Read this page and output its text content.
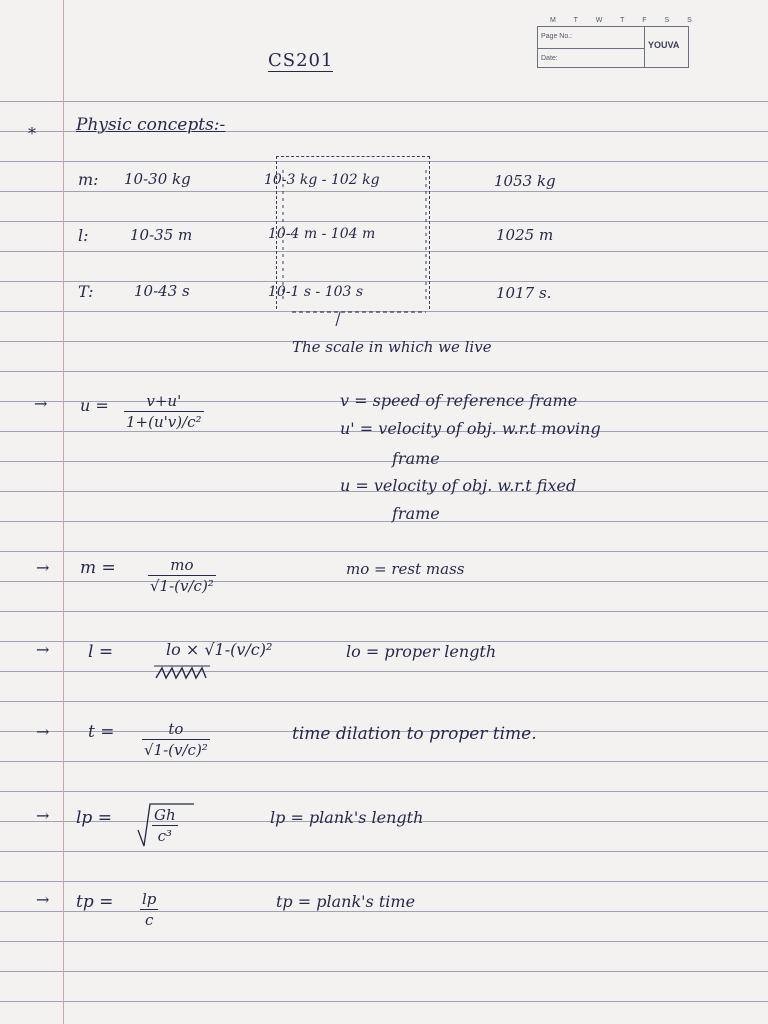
M T W T F S S
Page No.:
Date:
YOUVA
CS201
* Physic concepts:-
m: 10-30 kg	10-3 kg - 102 kg	1053 kg
l:	10-35 m	10-4 m - 104 m	1025 m
T:	10-43 s	10-1 s - 103 s	1017 s.
The scale in which we live
→ u =	v+u'
1+(u'v)/c²
v = speed of reference frame
u' = velocity of obj. w.r.t moving
frame
u = velocity of obj. w.r.t fixed
frame
→ m =	mo
√1-(v/c)²
mo = rest mass
→ l =	lo × √1-(v/c)²	lo = proper length
→ t =	to
√1-(v/c)²
time dilation to proper time.
→ lp =	Gh
c³
lp = plank's length
→ tp = lp
c
tp = plank's time
